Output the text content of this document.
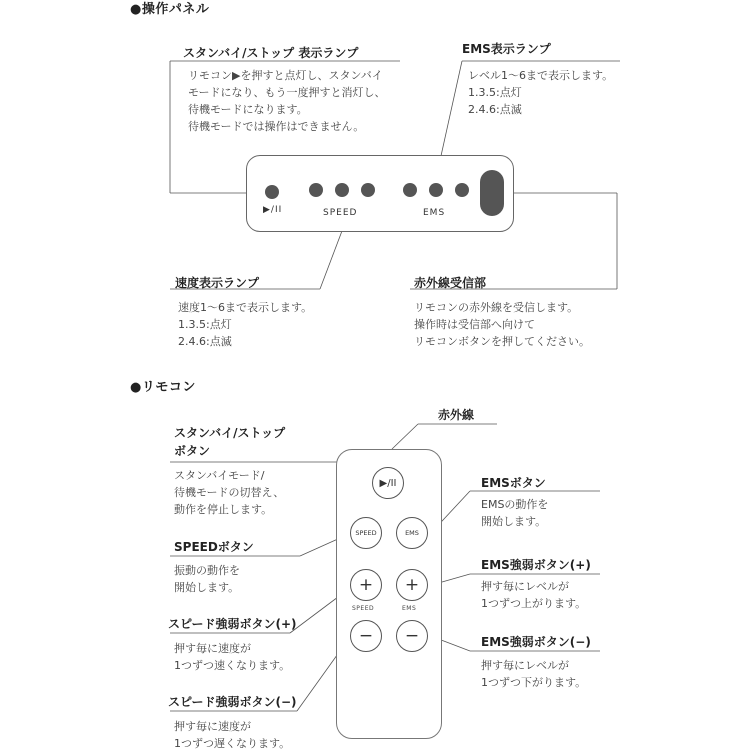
●操作パネル
スタンバイ/ストップ 表示ランプ
リモコン▶を押すと点灯し、スタンバイ
モードになり、もう一度押すと消灯し、
待機モードになります。
待機モードでは操作はできません。
EMS表示ランプ
レベル1〜6まで表示します。
1.3.5:点灯
2.4.6:点滅
▶/II	SPEED	EMS
速度表示ランプ
速度1〜6まで表示します。
1.3.5:点灯
2.4.6:点滅
赤外線受信部
リモコンの赤外線を受信します。
操作時は受信部へ向けて
リモコンボタンを押してください。
●リモコン
赤外線
スタンバイ/ストップ
ボタン
スタンバイモード/
待機モードの切替え、
動作を停止します。
SPEEDボタン
振動の動作を
開始します。
スピード強弱ボタン(+)
押す毎に速度が
1つずつ速くなります。
スピード強弱ボタン(−)
押す毎に速度が
1つずつ遅くなります。
EMSボタン
EMSの動作を
開始します。
EMS強弱ボタン(+)
押す毎にレベルが
1つずつ上がります。
EMS強弱ボタン(−)
押す毎にレベルが
1つずつ下がります。
▶/II
SPEED	EMS
+	+
SPEED	EMS
−	−
